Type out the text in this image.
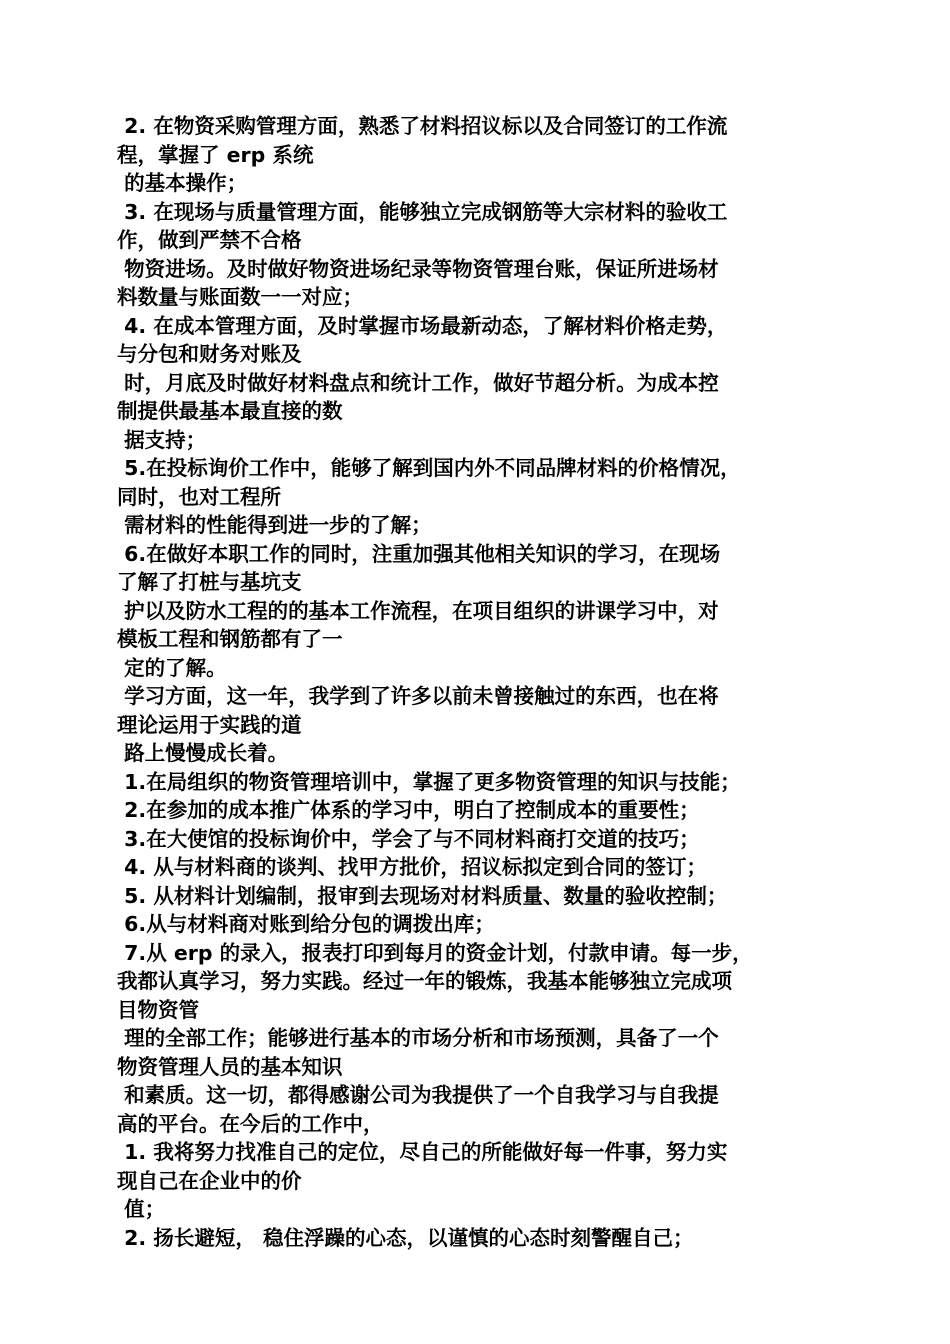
2. 在物资采购管理方面，熟悉了材料招议标以及合同签订的工作流
程，掌握了 erp 系统
的基本操作；
3. 在现场与质量管理方面，能够独立完成钢筋等大宗材料的验收工
作，做到严禁不合格
物资进场。及时做好物资进场纪录等物资管理台账，保证所进场材
料数量与账面数一一对应；
4. 在成本管理方面，及时掌握市场最新动态，了解材料价格走势，
与分包和财务对账及
时，月底及时做好材料盘点和统计工作，做好节超分析。为成本控
制提供最基本最直接的数
据支持；
5.在投标询价工作中，能够了解到国内外不同品牌材料的价格情况，
同时，也对工程所
需材料的性能得到进一步的了解；
6.在做好本职工作的同时，注重加强其他相关知识的学习，在现场
了解了打桩与基坑支
护以及防水工程的的基本工作流程，在项目组织的讲课学习中，对
模板工程和钢筋都有了一
定的了解。
学习方面，这一年，我学到了许多以前未曾接触过的东西，也在将
理论运用于实践的道
路上慢慢成长着。
1.在局组织的物资管理培训中，掌握了更多物资管理的知识与技能；
2.在参加的成本推广体系的学习中，明白了控制成本的重要性；
3.在大使馆的投标询价中，学会了与不同材料商打交道的技巧；
4. 从与材料商的谈判、找甲方批价，招议标拟定到合同的签订；
5. 从材料计划编制，报审到去现场对材料质量、数量的验收控制；
6.从与材料商对账到给分包的调拨出库；
7.从 erp 的录入，报表打印到每月的资金计划，付款申请。每一步，
我都认真学习，努力实践。经过一年的锻炼，我基本能够独立完成项
目物资管
理的全部工作；能够进行基本的市场分析和市场预测，具备了一个
物资管理人员的基本知识
和素质。这一切，都得感谢公司为我提供了一个自我学习与自我提
高的平台。在今后的工作中，
1. 我将努力找准自己的定位，尽自己的所能做好每一件事，努力实
现自己在企业中的价
值；
2. 扬长避短， 稳住浮躁的心态，以谨慎的心态时刻警醒自己；
